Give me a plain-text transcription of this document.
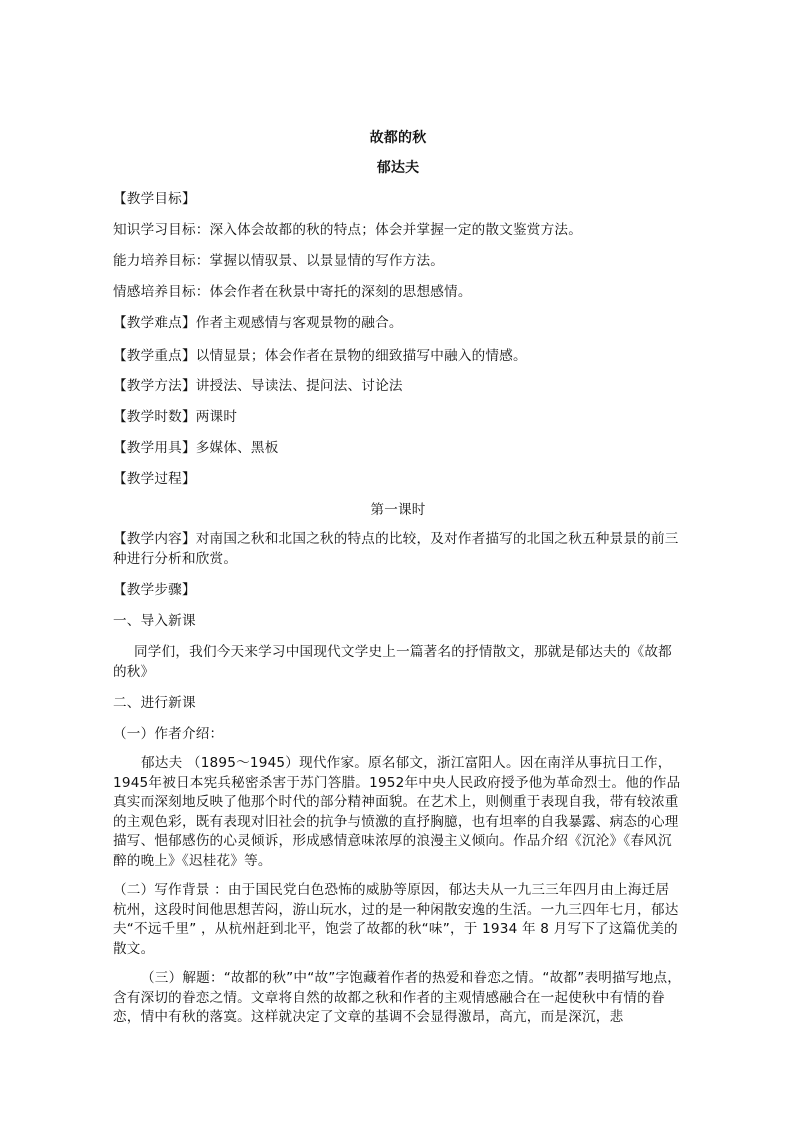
故都的秋
郁达夫
【教学目标】
知识学习目标：深入体会故都的秋的特点；体会并掌握一定的散文鉴赏方法。
能力培养目标：掌握以情驭景、以景显情的写作方法。
情感培养目标：体会作者在秋景中寄托的深刻的思想感情。
【教学难点】作者主观感情与客观景物的融合。
【教学重点】以情显景；体会作者在景物的细致描写中融入的情感。
【教学方法】讲授法、导读法、提问法、讨论法
【教学时数】两课时
【教学用具】多媒体、黑板
【教学过程】
第一课时
【教学内容】对南国之秋和北国之秋的特点的比较，及对作者描写的北国之秋五种景景的前三种进行分析和欣赏。
【教学步骤】
一、导入新课
同学们，我们今天来学习中国现代文学史上一篇著名的抒情散文，那就是郁达夫的《故都的秋》
二、进行新课
（一）作者介绍：
郁达夫 （1895～1945）现代作家。原名郁文，浙江富阳人。因在南洋从事抗日工作，1945年被日本宪兵秘密杀害于苏门答腊。1952年中央人民政府授予他为革命烈士。他的作品真实而深刻地反映了他那个时代的部分精神面貌。在艺术上，则侧重于表现自我，带有较浓重的主观色彩，既有表现对旧社会的抗争与愤激的直抒胸臆，也有坦率的自我暴露、病态的心理描写、悒郁感伤的心灵倾诉，形成感情意味浓厚的浪漫主义倾向。作品介绍《沉沦》《春风沉醉的晚上》《迟桂花》等。
（二）写作背景 ：由于国民党白色恐怖的威胁等原因，郁达夫从一九三三年四月由上海迁居杭州，这段时间他思想苦闷，游山玩水，过的是一种闲散安逸的生活。一九三四年七月，郁达夫“不远千里” ，从杭州赶到北平，饱尝了故都的秋“味”，于 1934 年 8 月写下了这篇优美的散文。
（三）解题：“故都的秋”中“故”字饱藏着作者的热爱和眷恋之情。“故都”表明描写地点，含有深切的眷恋之情。文章将自然的故都之秋和作者的主观情感融合在一起使秋中有情的眷恋，情中有秋的落寞。这样就决定了文章的基调不会显得激昂，高亢，而是深沉，悲
